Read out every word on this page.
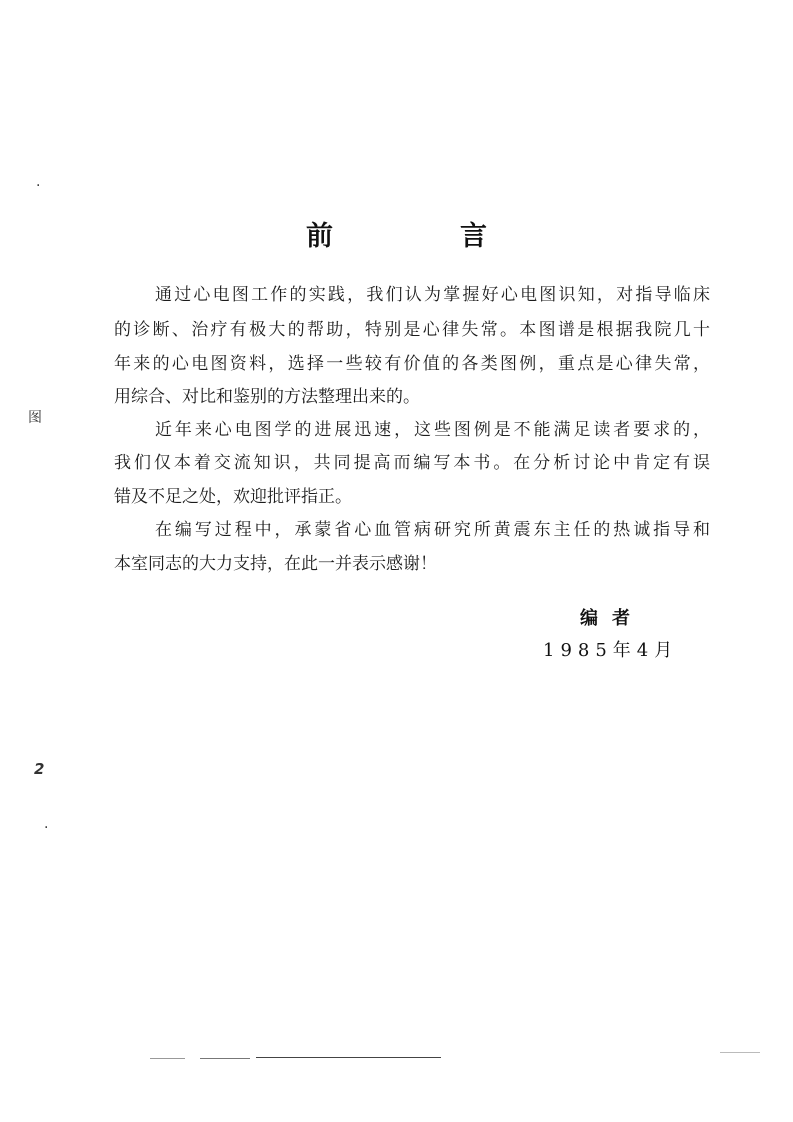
·
图
2
·
前　言
通过心电图工作的实践，我们认为掌握好心电图识知，对指导临床
的诊断、治疗有极大的帮助，特别是心律失常。本图谱是根据我院几十
年来的心电图资料，选择一些较有价值的各类图例，重点是心律失常，
用综合、对比和鉴别的方法整理出来的。
近年来心电图学的进展迅速，这些图例是不能满足读者要求的，
我们仅本着交流知识，共同提高而编写本书。在分析讨论中肯定有误
错及不足之处，欢迎批评指正。
在编写过程中，承蒙省心血管病研究所黄震东主任的热诚指导和
本室同志的大力支持，在此一并表示感谢！
编者
1985年4月
